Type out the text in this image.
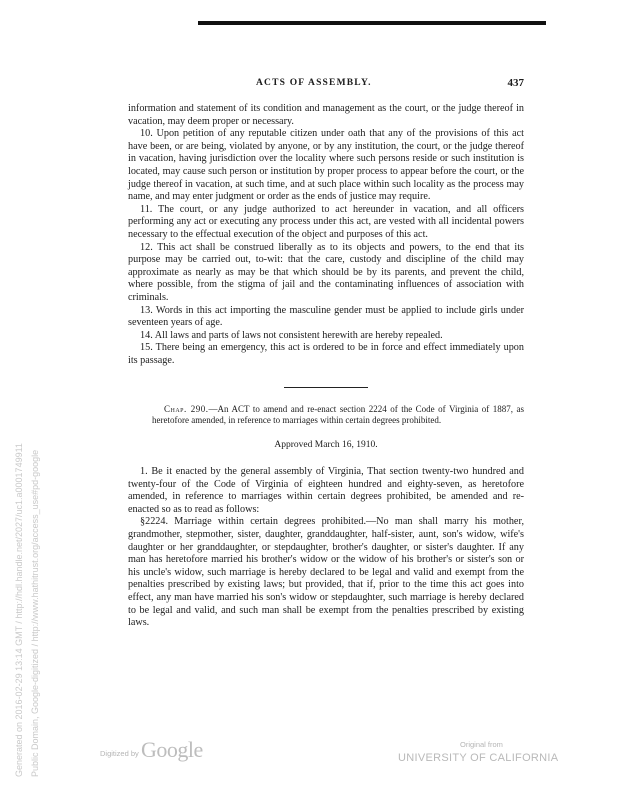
ACTS OF ASSEMBLY.	437

information and statement of its condition and management as the court, or the judge thereof in vacation, may deem proper or necessary.

10. Upon petition of any reputable citizen under oath that any of the provisions of this act have been, or are being, violated by anyone, or by any institution, the court, or the judge thereof in vacation, having jurisdiction over the locality where such persons reside or such institution is located, may cause such person or institution by proper process to appear before the court, or the judge thereof in vacation, at such time, and at such place within such locality as the process may name, and may enter judgment or order as the ends of justice may require.

11. The court, or any judge authorized to act hereunder in vacation, and all officers performing any act or executing any process under this act, are vested with all incidental powers necessary to the effectual execution of the object and purposes of this act.

12. This act shall be construed liberally as to its objects and powers, to the end that its purpose may be carried out, to-wit: that the care, custody and discipline of the child may approximate as nearly as may be that which should be by its parents, and prevent the child, where possible, from the stigma of jail and the contaminating influences of association with criminals.

13. Words in this act importing the masculine gender must be applied to include girls under seventeen years of age.

14. All laws and parts of laws not consistent herewith are hereby repealed.

15. There being an emergency, this act is ordered to be in force and effect immediately upon its passage.

Chap. 290.—An ACT to amend and re-enact section 2224 of the Code of Virginia of 1887, as heretofore amended, in reference to marriages within certain degrees prohibited.

Approved March 16, 1910.

1. Be it enacted by the general assembly of Virginia, That section twenty-two hundred and twenty-four of the Code of Virginia of eighteen hundred and eighty-seven, as heretofore amended, in reference to marriages within certain degrees prohibited, be amended and re-enacted so as to read as follows:

§2224. Marriage within certain degrees prohibited.—No man shall marry his mother, grandmother, stepmother, sister, daughter, granddaughter, half-sister, aunt, son's widow, wife's daughter or her granddaughter, or stepdaughter, brother's daughter, or sister's daughter. If any man has heretofore married his brother's widow or the widow of his brother's or sister's son or his uncle's widow, such marriage is hereby declared to be legal and valid and exempt from the penalties prescribed by existing laws; but provided, that if, prior to the time this act goes into effect, any man have married his son's widow or stepdaughter, such marriage is hereby declared to be legal and valid, and such man shall be exempt from the penalties prescribed by existing laws.

Generated on 2016-02-29 13:14 GMT / http://hdl.handle.net/2027/uc1.a0001749911 Public Domain, Google-digitized / http://www.hathitrust.org/access_use#pd-google	Digitized by Google	Original from
UNIVERSITY OF CALIFORNIA
